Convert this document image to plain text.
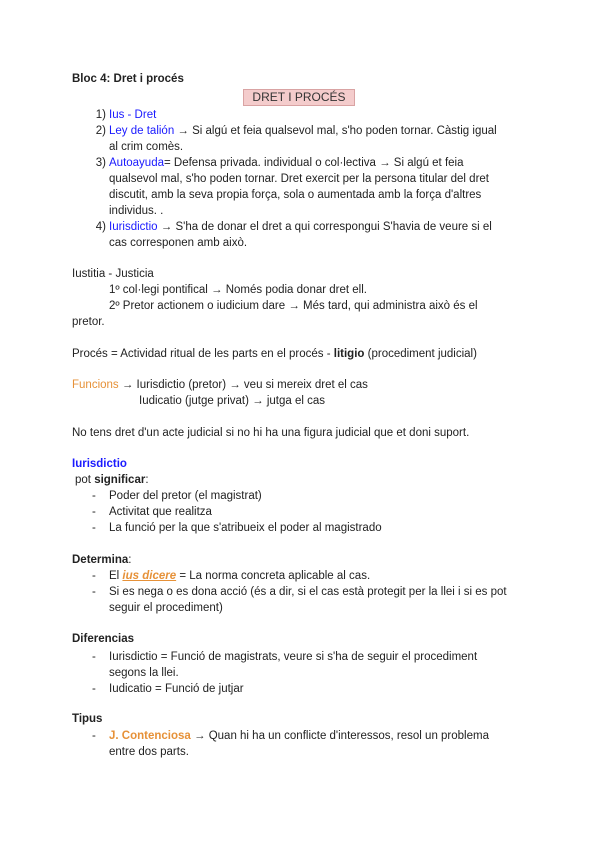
Bloc 4: Dret i procés
DRET I PROCÉS
1) Ius - Dret
2) Ley de talión → Si algú et feia qualsevol mal, s'ho poden tornar. Càstig igual
al crim comès.
3) Autoayuda= Defensa privada. individual o col·lectiva → Si algú et feia
qualsevol mal, s'ho poden tornar. Dret exercit per la persona titular del dret
discutit, amb la seva propia força, sola o aumentada amb la força d'altres
individus. .
4) Iurisdictio → S'ha de donar el dret a qui correspongui S'havia de veure si el
cas corresponen amb això.
Iustitia - Justicia
1º col·legi pontifical → Només podia donar dret ell.
2º Pretor actionem o iudicium dare → Més tard, qui administra això és el
pretor.
Procés = Actividad ritual de les parts en el procés - litigio (procediment judicial)
Funcions → Iurisdictio (pretor) → veu si mereix dret el cas
Iudicatio (jutge privat) → jutga el cas
No tens dret d'un acte judicial si no hi ha una figura judicial que et doni suport.
Iurisdictio
pot significar:
- Poder del pretor (el magistrat)
- Activitat que realitza
- La funció per la que s'atribueix el poder al magistrado
Determina:
- El ius dicere = La norma concreta aplicable al cas.
- Si es nega o es dona acció (és a dir, si el cas està protegit per la llei i si es pot
seguir el procediment)
Diferencias
- Iurisdictio = Funció de magistrats, veure si s'ha de seguir el procediment
segons la llei.
- Iudicatio = Funció de jutjar
Tipus
- J. Contenciosa → Quan hi ha un conflicte d'interessos, resol un problema
entre dos parts.
